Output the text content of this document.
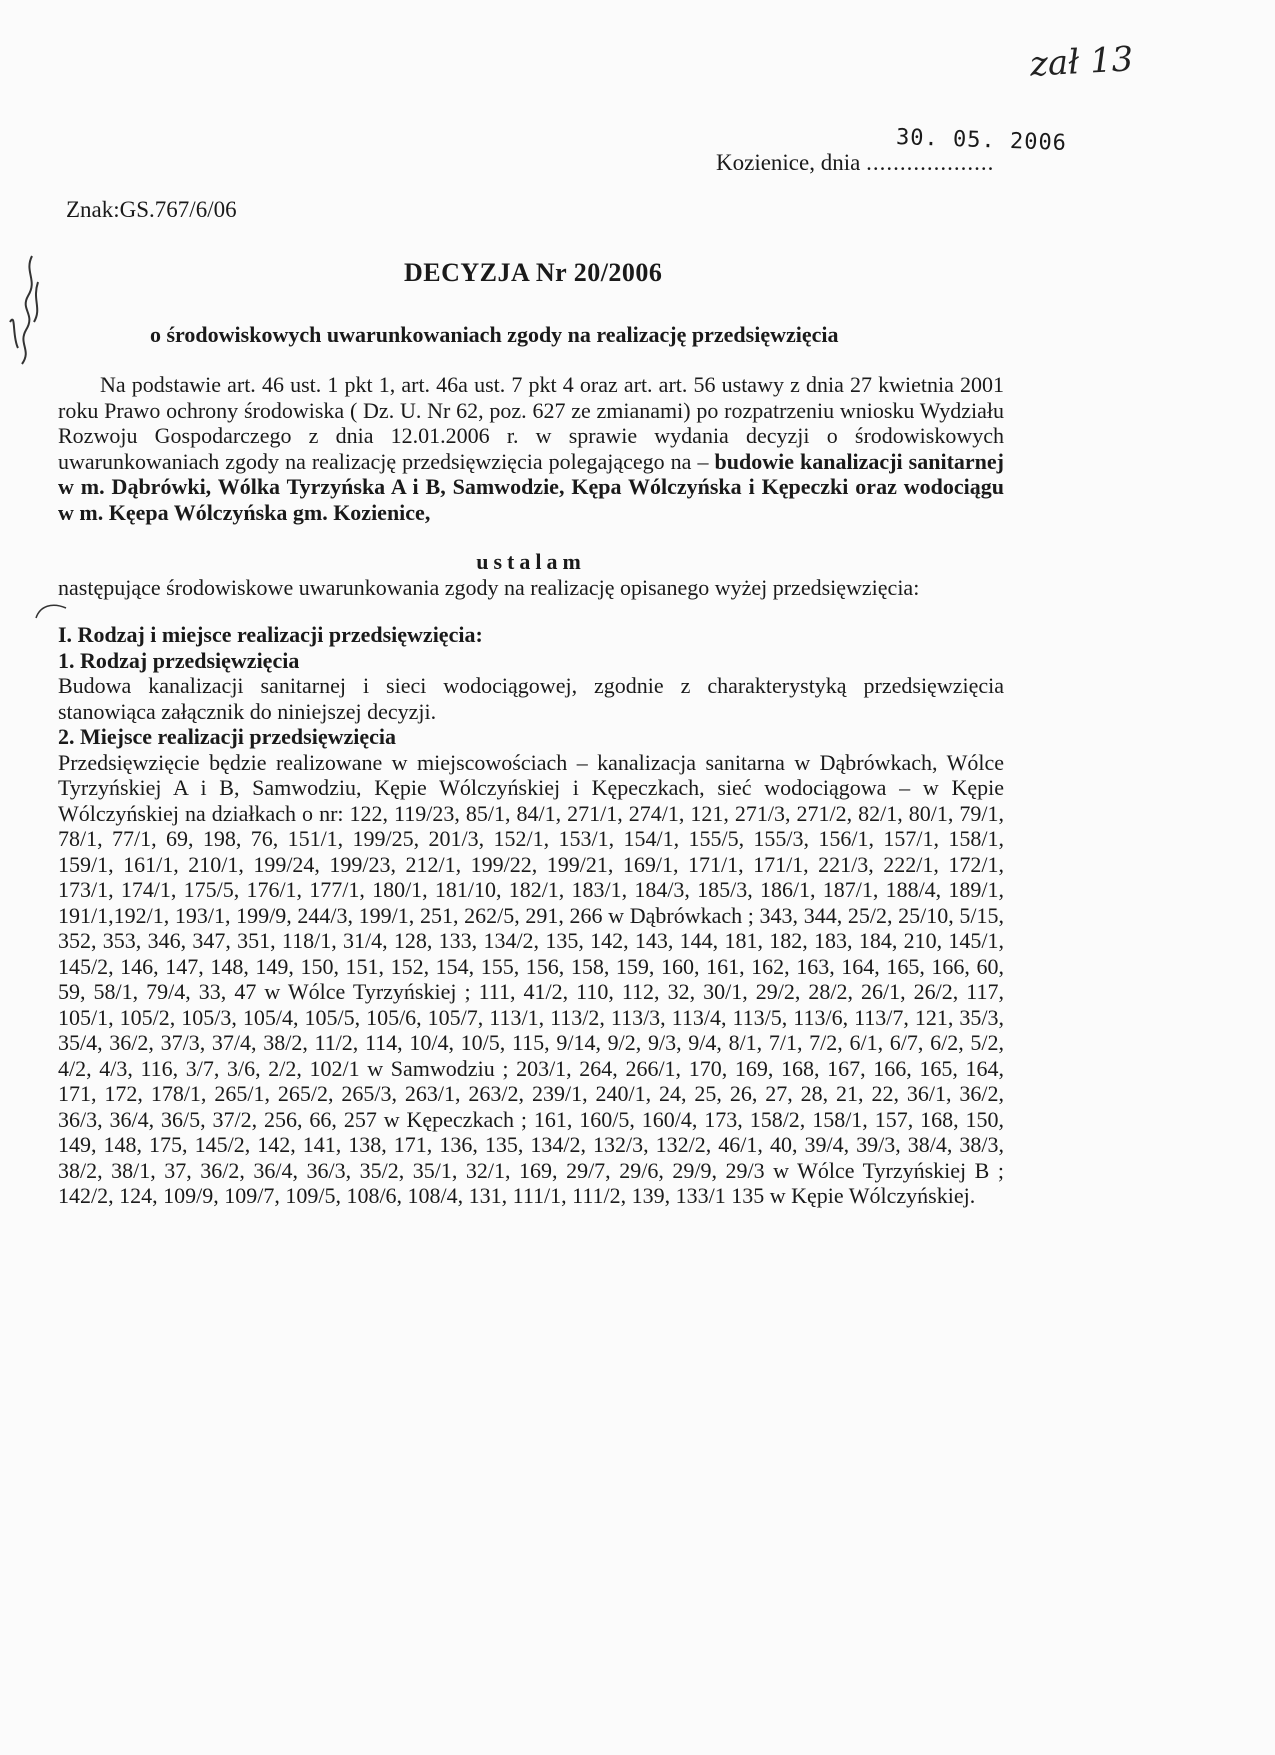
zał 13
Kozienice, dnia ...................
30. 05. 2006
Znak:GS.767/6/06
DECYZJA Nr 20/2006
o środowiskowych uwarunkowaniach zgody na realizację przedsięwzięcia

Na podstawie art. 46 ust. 1 pkt 1, art. 46a ust. 7 pkt 4 oraz art. art. 56 ustawy z dnia 27 kwietnia 2001 roku Prawo ochrony środowiska ( Dz. U. Nr 62, poz. 627 ze zmianami) po rozpatrzeniu wniosku Wydziału Rozwoju Gospodarczego z dnia 12.01.2006 r. w sprawie wydania decyzji o środowiskowych uwarunkowaniach zgody na realizację przedsięwzięcia polegającego na – budowie kanalizacji sanitarnej w m. Dąbrówki, Wólka Tyrzyńska A i B, Samwodzie, Kępa Wólczyńska i Kępeczki oraz wodociągu w m. Kęepa Wólczyńska gm. Kozienice,

ustalam

następujące środowiskowe uwarunkowania zgody na realizację opisanego wyżej przedsięwzięcia:

I. Rodzaj i miejsce realizacji przedsięwzięcia:

1. Rodzaj przedsięwzięcia

Budowa kanalizacji sanitarnej i sieci wodociągowej, zgodnie z charakterystyką przedsięwzięcia stanowiąca załącznik do niniejszej decyzji.

2. Miejsce realizacji przedsięwzięcia

Przedsięwzięcie będzie realizowane w miejscowościach – kanalizacja sanitarna w Dąbrówkach, Wólce Tyrzyńskiej A i B, Samwodziu, Kępie Wólczyńskiej i Kępeczkach, sieć wodociągowa – w Kępie Wólczyńskiej na działkach o nr: 122, 119/23, 85/1, 84/1, 271/1, 274/1, 121, 271/3, 271/2, 82/1, 80/1, 79/1, 78/1, 77/1, 69, 198, 76, 151/1, 199/25, 201/3, 152/1, 153/1, 154/1, 155/5, 155/3, 156/1, 157/1, 158/1, 159/1, 161/1, 210/1, 199/24, 199/23, 212/1, 199/22, 199/21, 169/1, 171/1, 171/1, 221/3, 222/1, 172/1, 173/1, 174/1, 175/5, 176/1, 177/1, 180/1, 181/10, 182/1, 183/1, 184/3, 185/3, 186/1, 187/1, 188/4, 189/1, 191/1,192/1, 193/1, 199/9, 244/3, 199/1, 251, 262/5, 291, 266 w Dąbrówkach ; 343, 344, 25/2, 25/10, 5/15, 352, 353, 346, 347, 351, 118/1, 31/4, 128, 133, 134/2, 135, 142, 143, 144, 181, 182, 183, 184, 210, 145/1, 145/2, 146, 147, 148, 149, 150, 151, 152, 154, 155, 156, 158, 159, 160, 161, 162, 163, 164, 165, 166, 60, 59, 58/1, 79/4, 33, 47 w Wólce Tyrzyńskiej ; 111, 41/2, 110, 112, 32, 30/1, 29/2, 28/2, 26/1, 26/2, 117, 105/1, 105/2, 105/3, 105/4, 105/5, 105/6, 105/7, 113/1, 113/2, 113/3, 113/4, 113/5, 113/6, 113/7, 121, 35/3, 35/4, 36/2, 37/3, 37/4, 38/2, 11/2, 114, 10/4, 10/5, 115, 9/14, 9/2, 9/3, 9/4, 8/1, 7/1, 7/2, 6/1, 6/7, 6/2, 5/2, 4/2, 4/3, 116, 3/7, 3/6, 2/2, 102/1 w Samwodziu ; 203/1, 264, 266/1, 170, 169, 168, 167, 166, 165, 164, 171, 172, 178/1, 265/1, 265/2, 265/3, 263/1, 263/2, 239/1, 240/1, 24, 25, 26, 27, 28, 21, 22, 36/1, 36/2, 36/3, 36/4, 36/5, 37/2, 256, 66, 257 w Kępeczkach ; 161, 160/5, 160/4, 173, 158/2, 158/1, 157, 168, 150, 149, 148, 175, 145/2, 142, 141, 138, 171, 136, 135, 134/2, 132/3, 132/2, 46/1, 40, 39/4, 39/3, 38/4, 38/3, 38/2, 38/1, 37, 36/2, 36/4, 36/3, 35/2, 35/1, 32/1, 169, 29/7, 29/6, 29/9, 29/3 w Wólce Tyrzyńskiej B ; 142/2, 124, 109/9, 109/7, 109/5, 108/6, 108/4, 131, 111/1, 111/2, 139, 133/1 135 w Kępie Wólczyńskiej.
